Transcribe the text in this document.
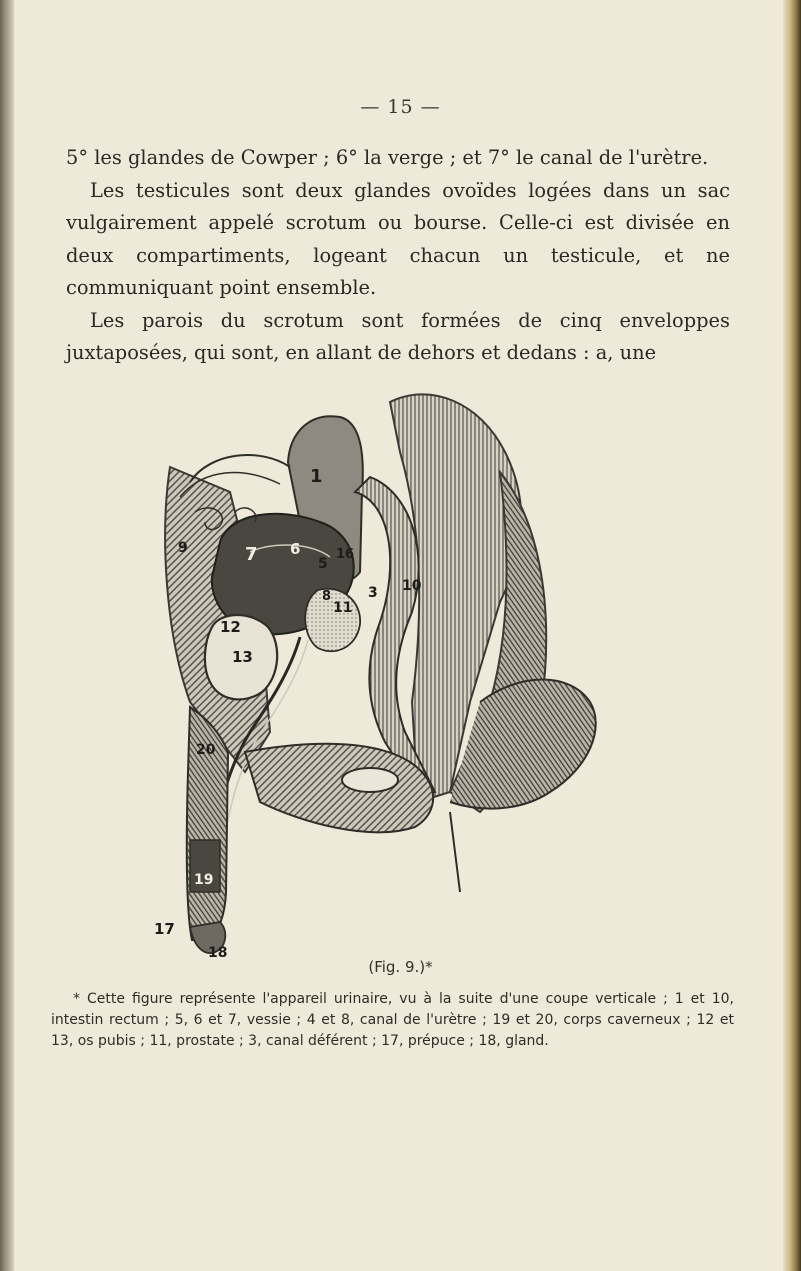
— 15 —

5° les glandes de Cowper ; 6° la verge ; et 7° le canal de l'urètre.

Les testicules sont deux glandes ovoïdes logées dans un sac vulgairement appelé scrotum ou bourse. Celle-ci est divisée en deux compartiments, logeant chacun un testicule, et ne communiquant point ensemble.

Les parois du scrotum sont formées de cinq enveloppes juxtaposées, qui sont, en allant de dehors et dedans : a, une

1
3
5
6
7
8
9
10
11
12
13
16
17
18
19
20
(Fig. 9.)*

* Cette figure représente l'appareil urinaire, vu à la suite d'une coupe verticale ; 1 et 10, intestin rectum ; 5, 6 et 7, vessie ; 4 et 8, canal de l'urètre ; 19 et 20, corps caverneux ; 12 et 13, os pubis ; 11, prostate ; 3, canal déférent ; 17, prépuce ; 18, gland.
